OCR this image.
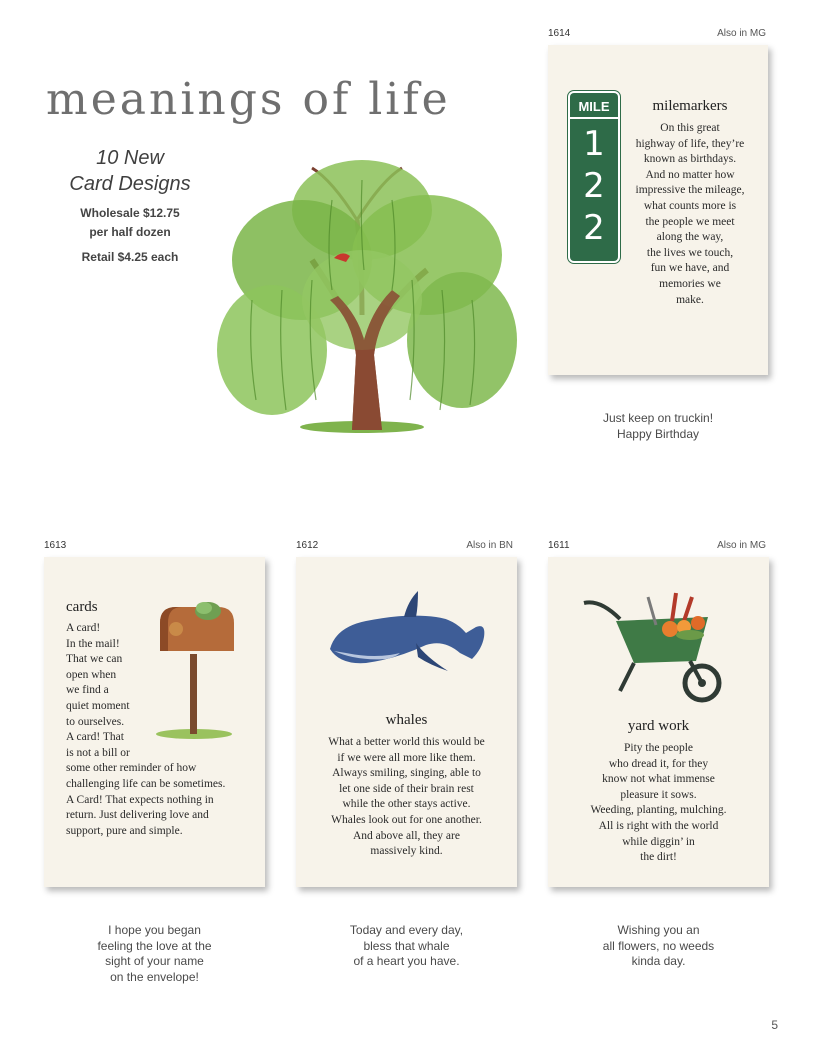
meanings of life
10 New
Card Designs
Wholesale $12.75
per half dozen
Retail $4.25 each
1614	Also in MG
MILE
1
2
2
milemarkers
On this great
highway of life, they’re
known as birthdays.
And no matter how
impressive the mileage,
what counts more is
the people we meet
along the way,
the lives we touch,
fun we have, and
memories we
make.
Just keep on truckin!
Happy Birthday
1613
cards
A card!
In the mail!
That we can
open when
we find a
quiet moment
to ourselves.
A card! That
is not a bill or
some other reminder of how
challenging life can be sometimes.
A Card! That expects nothing in
return. Just delivering love and
support, pure and simple.
I hope you began
feeling the love at the
sight of your name
on the envelope!
1612	Also in BN
whales
What a better world this would be
if we were all more like them.
Always smiling, singing, able to
let one side of their brain rest
while the other stays active.
Whales look out for one another.
And above all, they are
massively kind.
Today and every day,
bless that whale
of a heart you have.
1611	Also in MG
yard work
Pity the people
who dread it, for they
know not what immense
pleasure it sows.
Weeding, planting, mulching.
All is right with the world
while diggin’ in
the dirt!
Wishing you an
all flowers, no weeds
kinda day.
5
